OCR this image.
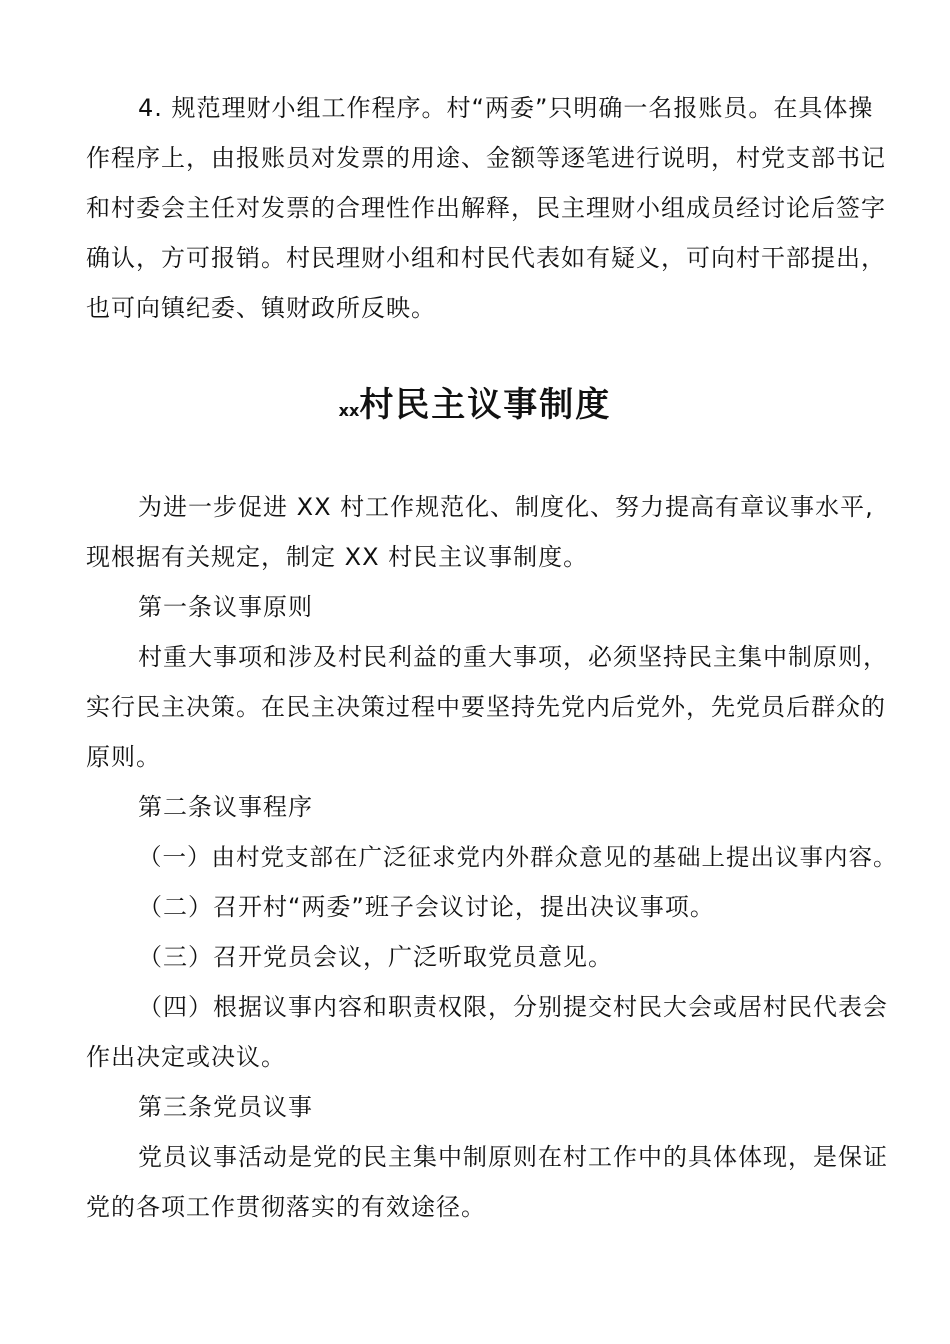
4. 规范理财小组工作程序。村“两委”只明确一名报账员。在具体操

作程序上，由报账员对发票的用途、金额等逐笔进行说明，村党支部书记

和村委会主任对发票的合理性作出解释，民主理财小组成员经讨论后签字

确认，方可报销。村民理财小组和村民代表如有疑义，可向村干部提出，

也可向镇纪委、镇财政所反映。

xx村民主议事制度

为进一步促进 XX 村工作规范化、制度化、努力提高有章议事水平,

现根据有关规定，制定 XX 村民主议事制度。

第一条议事原则

村重大事项和涉及村民利益的重大事项，必须坚持民主集中制原则，

实行民主决策。在民主决策过程中要坚持先党内后党外，先党员后群众的

原则。

第二条议事程序

（一）由村党支部在广泛征求党内外群众意见的基础上提出议事内容。

（二）召开村“两委”班子会议讨论，提出决议事项。

（三）召开党员会议，广泛听取党员意见。

（四）根据议事内容和职责权限，分别提交村民大会或居村民代表会

作出决定或决议。

第三条党员议事

党员议事活动是党的民主集中制原则在村工作中的具体体现，是保证

党的各项工作贯彻落实的有效途径。
